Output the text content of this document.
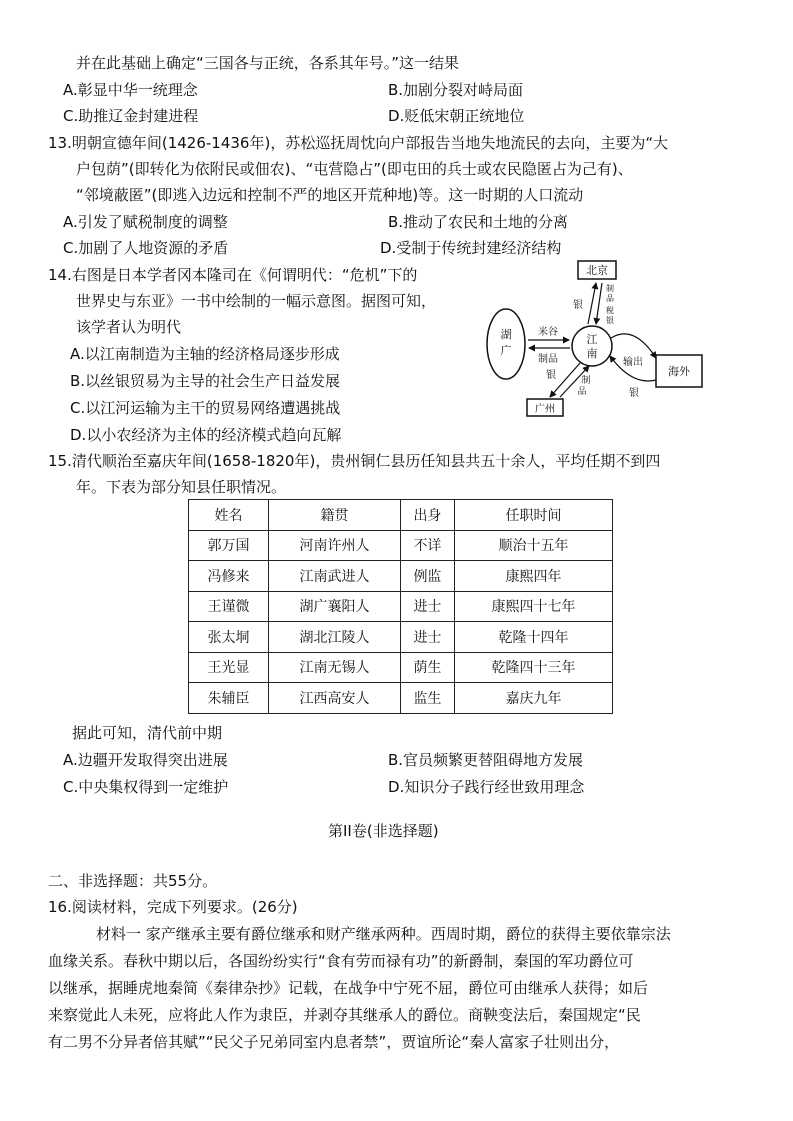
并在此基础上确定“三国各与正统，各系其年号。”这一结果
A.彰显中华一统理念	B.加剧分裂对峙局面
C.助推辽金封建进程	D.贬低宋朝正统地位
13.明朝宣德年间(1426-1436年)，苏松巡抚周忱向户部报告当地失地流民的去向，主要为“大
户包荫”(即转化为依附民或佃农)、“屯营隐占”(即屯田的兵士或农民隐匿占为己有)、
“邻境蔽匿”(即逃入边远和控制不严的地区开荒种地)等。这一时期的人口流动
A.引发了赋税制度的调整	B.推动了农民和土地的分离
C.加剧了人地资源的矛盾	D.受制于传统封建经济结构
14.右图是日本学者冈本隆司在《何谓明代：“危机”下的
世界史与东亚》一书中绘制的一幅示意图。据图可知，
该学者认为明代
A.以江南制造为主轴的经济格局逐步形成
B.以丝银贸易为主导的社会生产日益发展
C.以江河运输为主干的贸易网络遭遇挑战
D.以小农经济为主体的经济模式趋向瓦解
北京
湖
广
江
南
海外
广州
银
制
品
税
银
米谷
制品	输出
银
银	制
品
15.清代顺治至嘉庆年间(1658-1820年)，贵州铜仁县历任知县共五十余人，平均任期不到四
年。下表为部分知县任职情况。
姓名	籍贯	出身	任职时间
郭万国	河南许州人	不详	顺治十五年
冯修来	江南武进人	例监	康熙四年
王谨微	湖广襄阳人	进士	康熙四十七年
张太垌	湖北江陵人	进士	乾隆十四年
王光显	江南无锡人	荫生	乾隆四十三年
朱辅臣	江西高安人	监生	嘉庆九年
据此可知，清代前中期
A.边疆开发取得突出进展	B.官员频繁更替阻碍地方发展
C.中央集权得到一定维护	D.知识分子践行经世致用理念
第II卷(非选择题)
二、非选择题：共55分。
16.阅读材料，完成下列要求。(26分)
材料一 家产继承主要有爵位继承和财产继承两种。西周时期，爵位的获得主要依靠宗法
血缘关系。春秋中期以后，各国纷纷实行“食有劳而禄有功”的新爵制，秦国的军功爵位可
以继承，据睡虎地秦简《秦律杂抄》记载，在战争中宁死不屈，爵位可由继承人获得；如后
来察觉此人未死，应将此人作为隶臣，并剥夺其继承人的爵位。商鞅变法后，秦国规定“民
有二男不分异者倍其赋”“民父子兄弟同室内息者禁”，贾谊所论“秦人富家子壮则出分，
